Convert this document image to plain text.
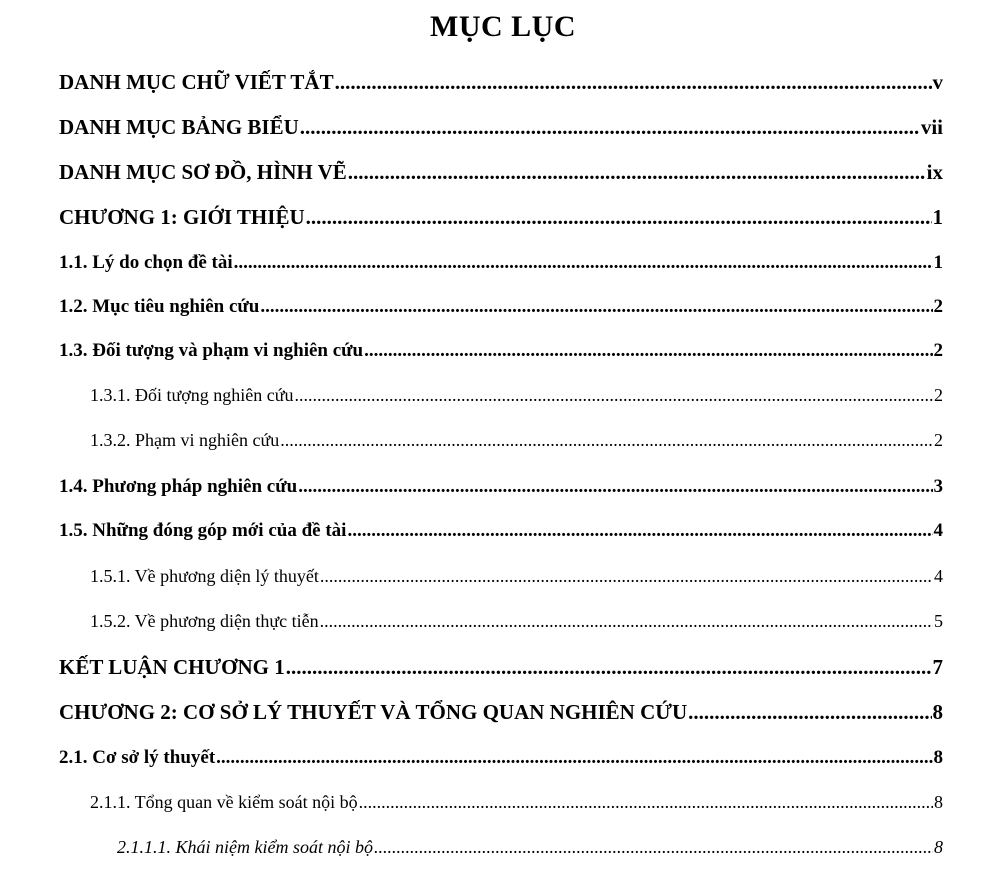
MỤC LỤC
DANH MỤC CHỮ VIẾT TẮT .....	v
DANH MỤC BẢNG BIỂU .....	vii
DANH MỤC SƠ ĐỒ, HÌNH VẼ .....	ix
CHƯƠNG 1: GIỚI THIỆU .....	1
1.1. Lý do chọn đề tài .....	1
1.2. Mục tiêu nghiên cứu .....	2
1.3. Đối tượng và phạm vi nghiên cứu .....	2
1.3.1. Đối tượng nghiên cứu .....	2
1.3.2. Phạm vi nghiên cứu .....	2
1.4. Phương pháp nghiên cứu .....	3
1.5. Những đóng góp mới của đề tài .....	4
1.5.1. Về phương diện lý thuyết .....	4
1.5.2. Về phương diện thực tiễn .....	5
KẾT LUẬN CHƯƠNG 1 .....	7
CHƯƠNG 2: CƠ SỞ LÝ THUYẾT VÀ TỔNG QUAN NGHIÊN CỨU .....	8
2.1. Cơ sở lý thuyết .....	8
2.1.1. Tổng quan về kiểm soát nội bộ .....	8
2.1.1.1. Khái niệm kiểm soát nội bộ .....	8
